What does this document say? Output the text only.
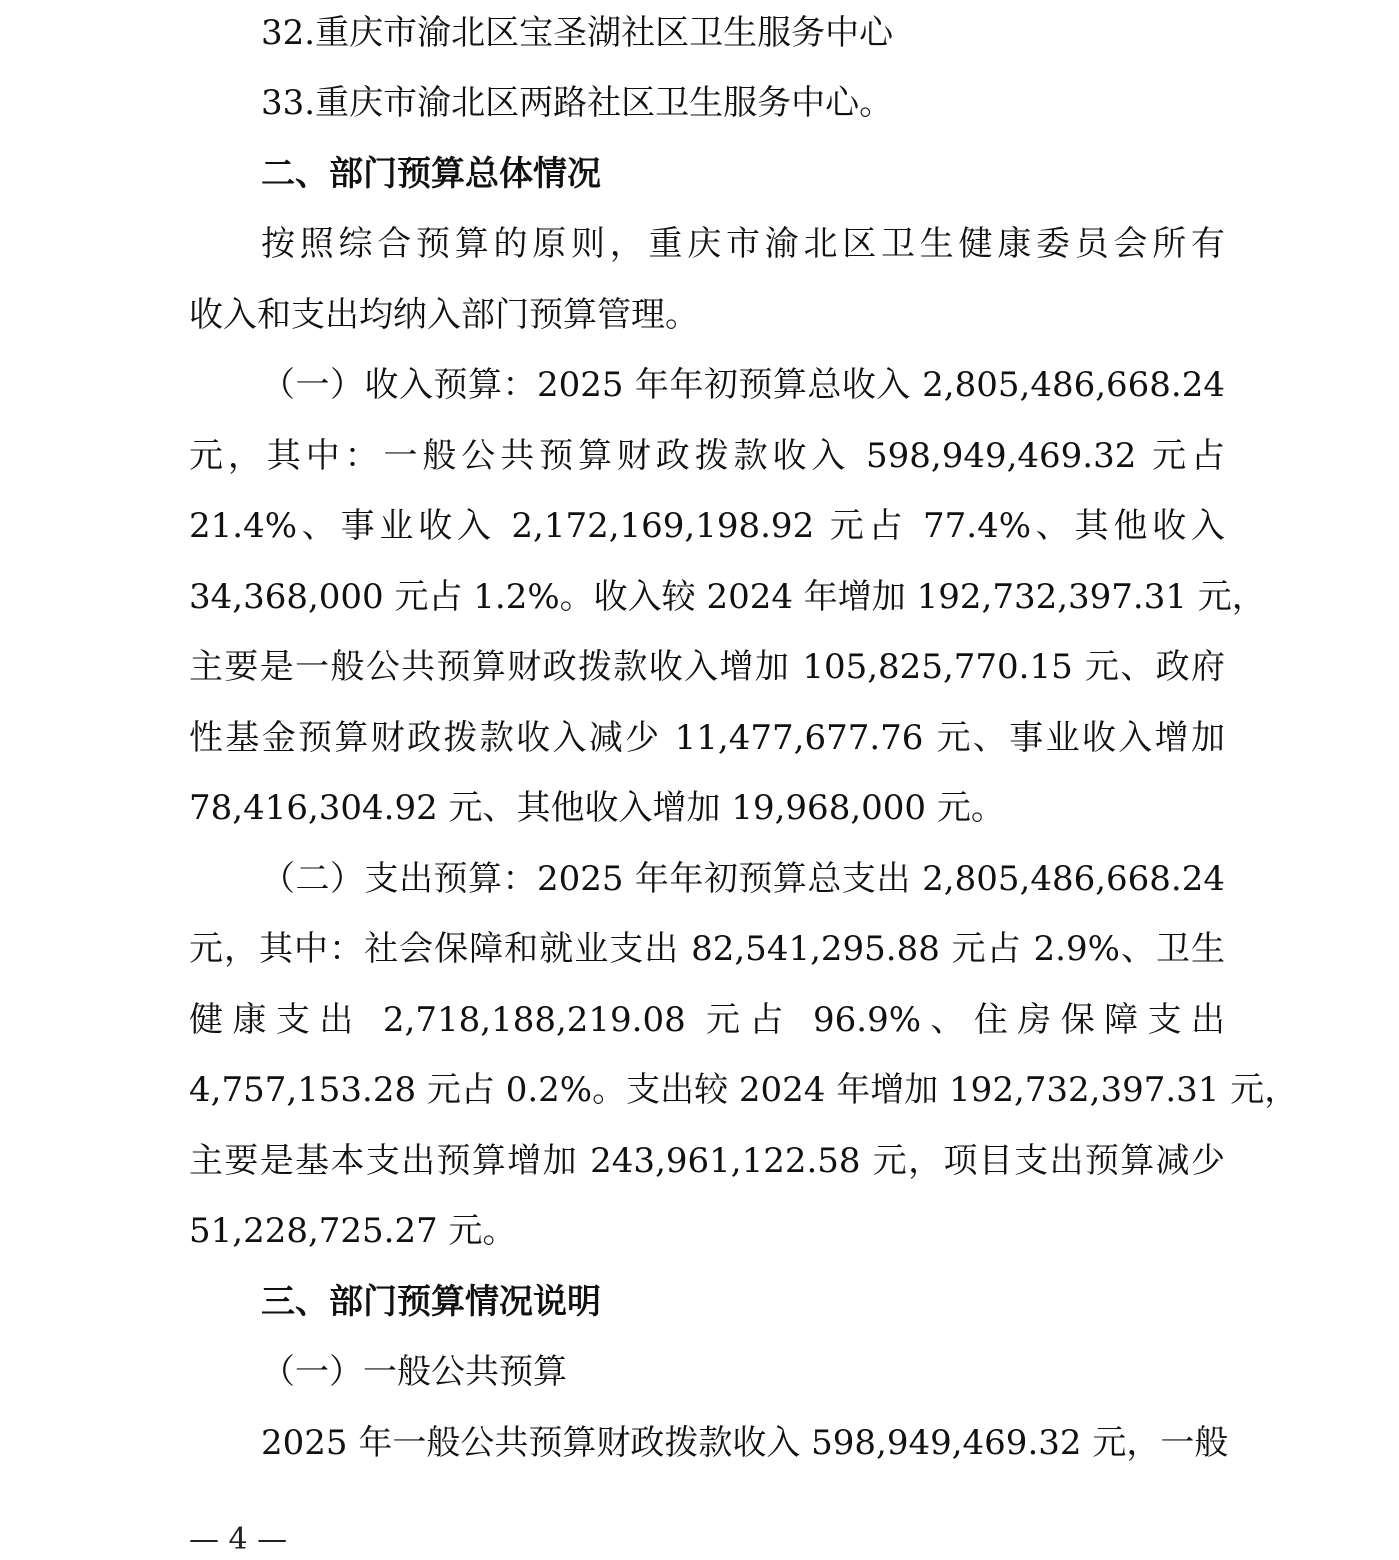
32.重庆市渝北区宝圣湖社区卫生服务中心
33.重庆市渝北区两路社区卫生服务中心。
二、部门预算总体情况
按照综合预算的原则，重庆市渝北区卫生健康委员会所有
收入和支出均纳入部门预算管理。
（一）收入预算：2025 年年初预算总收入 2,805,486,668.24
元，其中：一般公共预算财政拨款收入 598,949,469.32 元占
21.4%、事业收入 2,172,169,198.92 元占 77.4%、其他收入
34,368,000 元占 1.2%。收入较 2024 年增加 192,732,397.31 元，
主要是一般公共预算财政拨款收入增加 105,825,770.15 元、政府
性基金预算财政拨款收入减少 11,477,677.76 元、事业收入增加
78,416,304.92 元、其他收入增加 19,968,000 元。
（二）支出预算：2025 年年初预算总支出 2,805,486,668.24
元，其中：社会保障和就业支出 82,541,295.88 元占 2.9%、卫生
健康支出 2,718,188,219.08 元占 96.9%、住房保障支出
4,757,153.28 元占 0.2%。支出较 2024 年增加 192,732,397.31 元，
主要是基本支出预算增加 243,961,122.58 元，项目支出预算减少
51,228,725.27 元。
三、部门预算情况说明
（一）一般公共预算
2025 年一般公共预算财政拨款收入 598,949,469.32 元，一般
— 4 —
